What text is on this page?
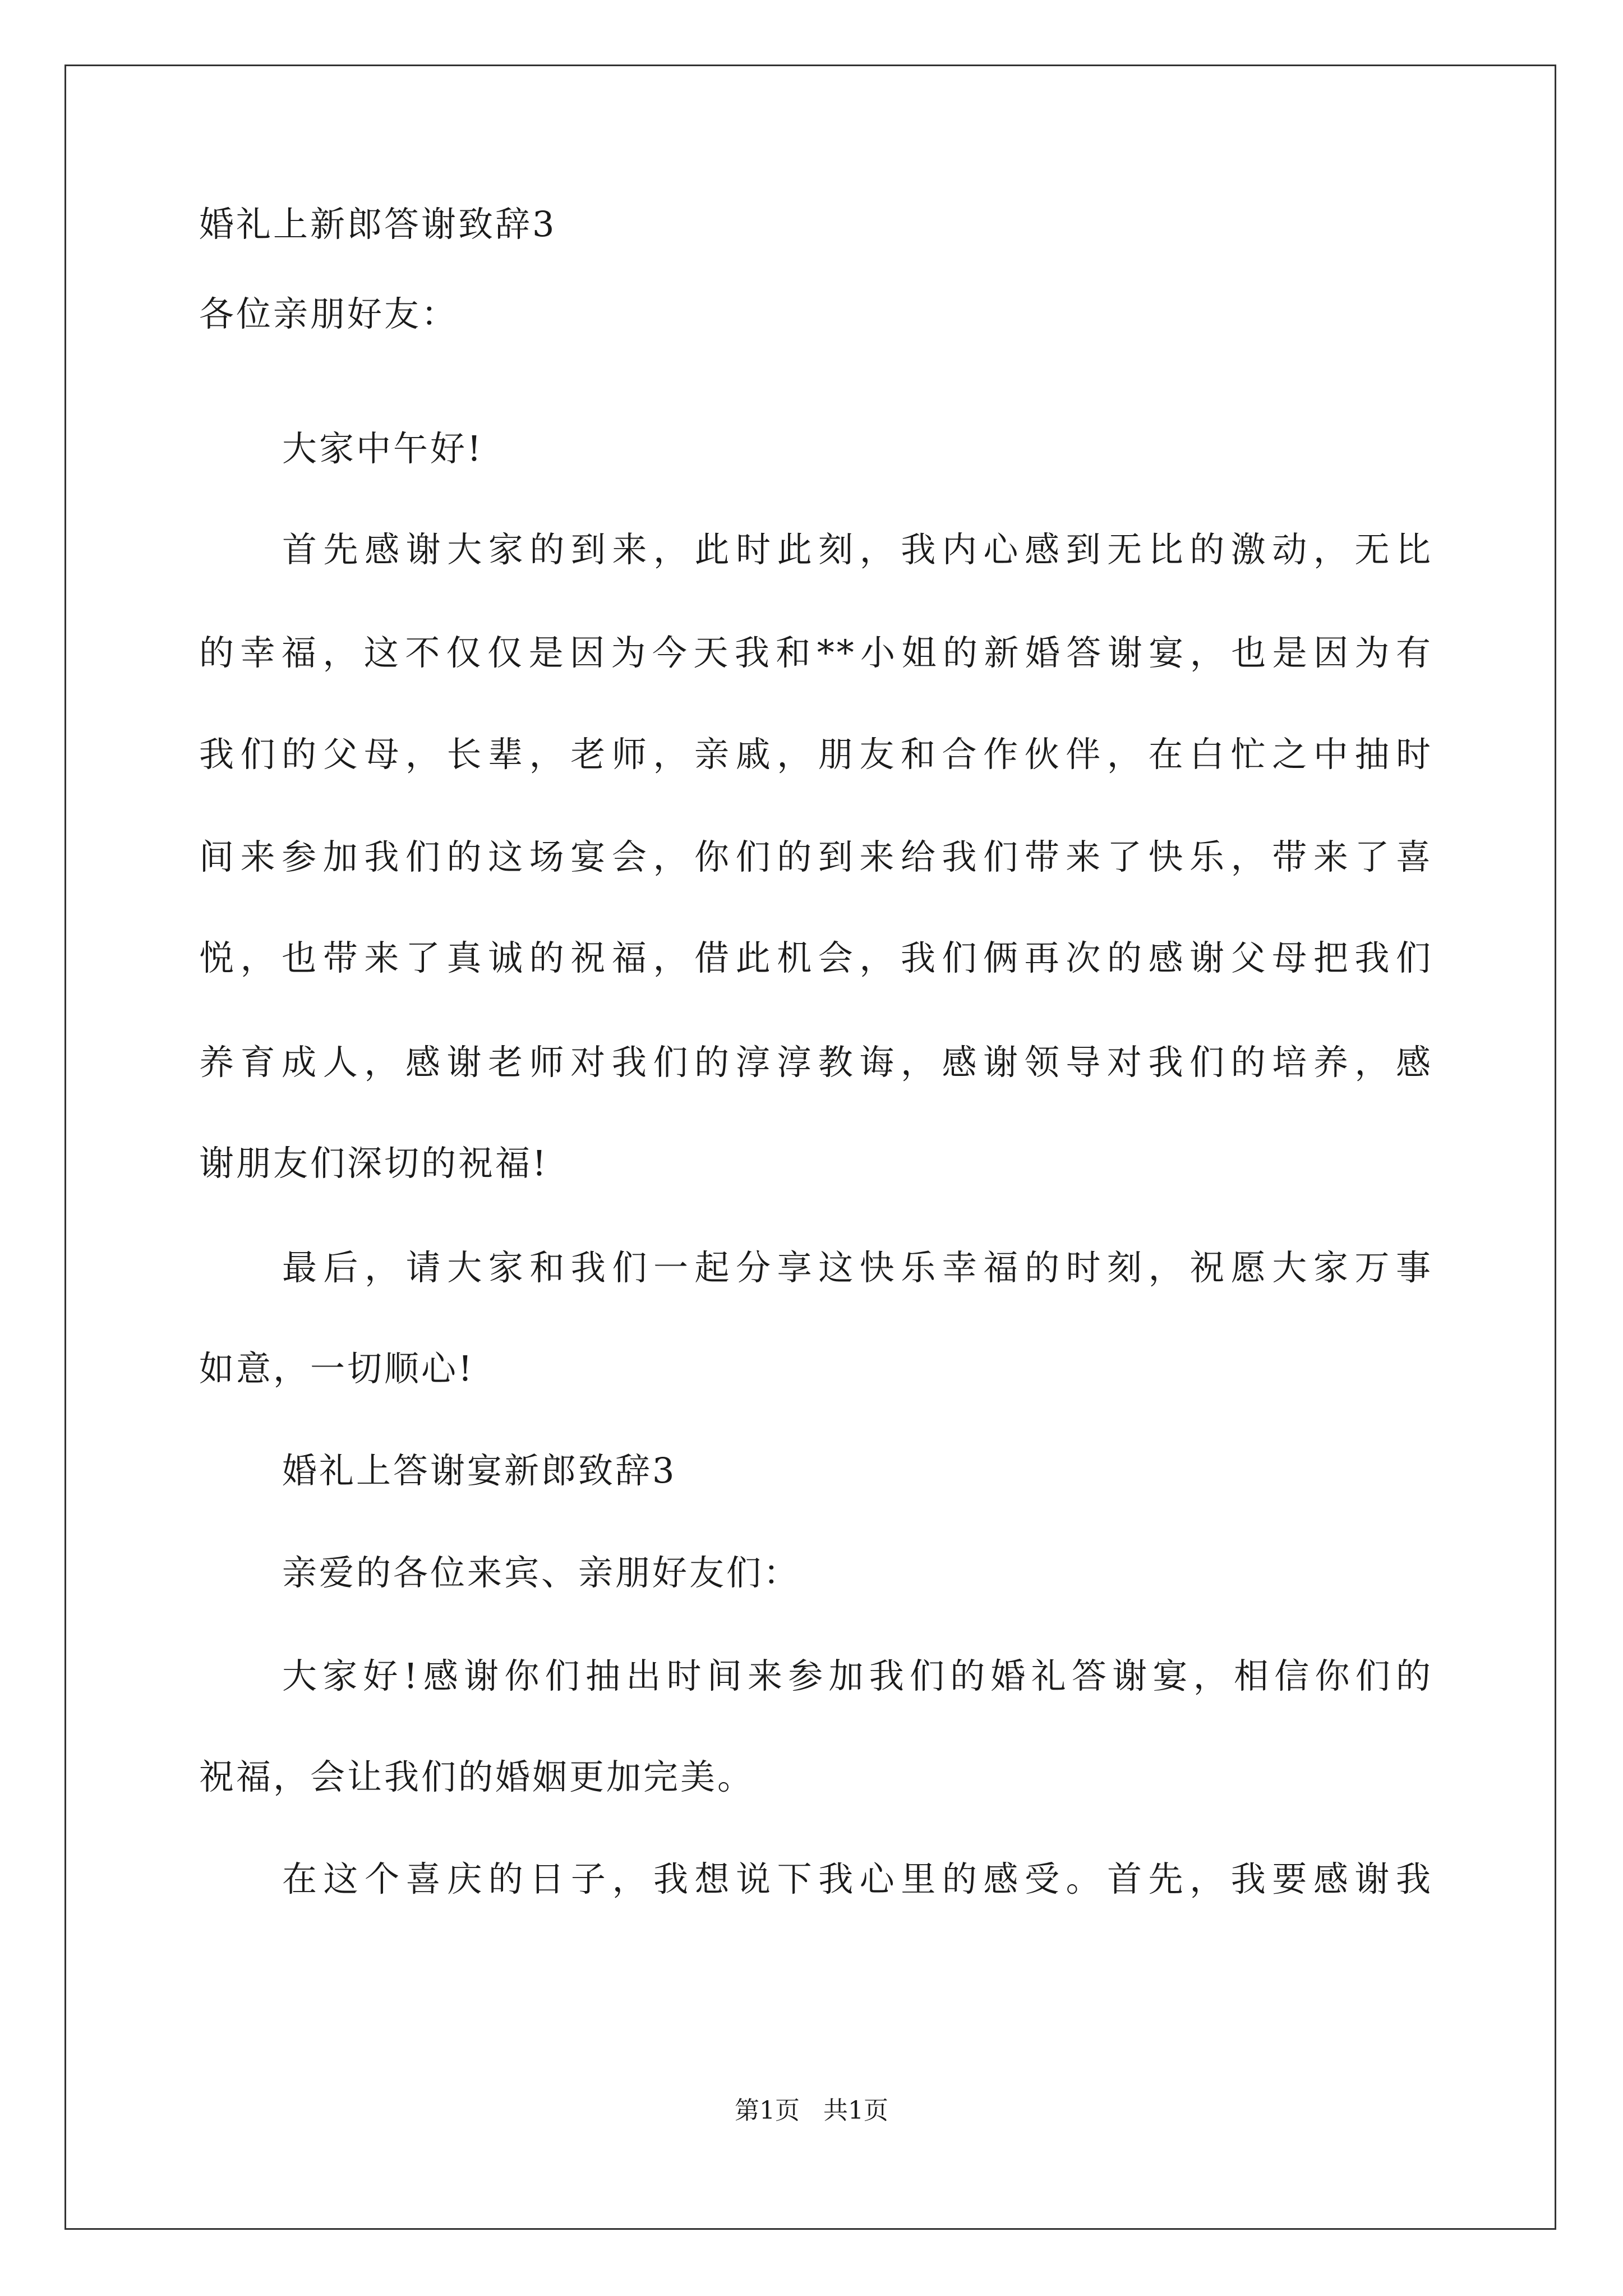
婚礼上新郎答谢致辞3
各位亲朋好友：
大家中午好!
首先感谢大家的到来，此时此刻，我内心感到无比的激动，无比
的幸福，这不仅仅是因为今天我和**小姐的新婚答谢宴，也是因为有
我们的父母，长辈，老师，亲戚，朋友和合作伙伴，在白忙之中抽时
间来参加我们的这场宴会，你们的到来给我们带来了快乐，带来了喜
悦，也带来了真诚的祝福，借此机会，我们俩再次的感谢父母把我们
养育成人，感谢老师对我们的淳淳教诲，感谢领导对我们的培养，感
谢朋友们深切的祝福!
最后，请大家和我们一起分享这快乐幸福的时刻，祝愿大家万事
如意，一切顺心!
婚礼上答谢宴新郎致辞3
亲爱的各位来宾、亲朋好友们：
大家好!感谢你们抽出时间来参加我们的婚礼答谢宴，相信你们的
祝福，会让我们的婚姻更加完美。
在这个喜庆的日子，我想说下我心里的感受。首先，我要感谢我
第1页   共1页
